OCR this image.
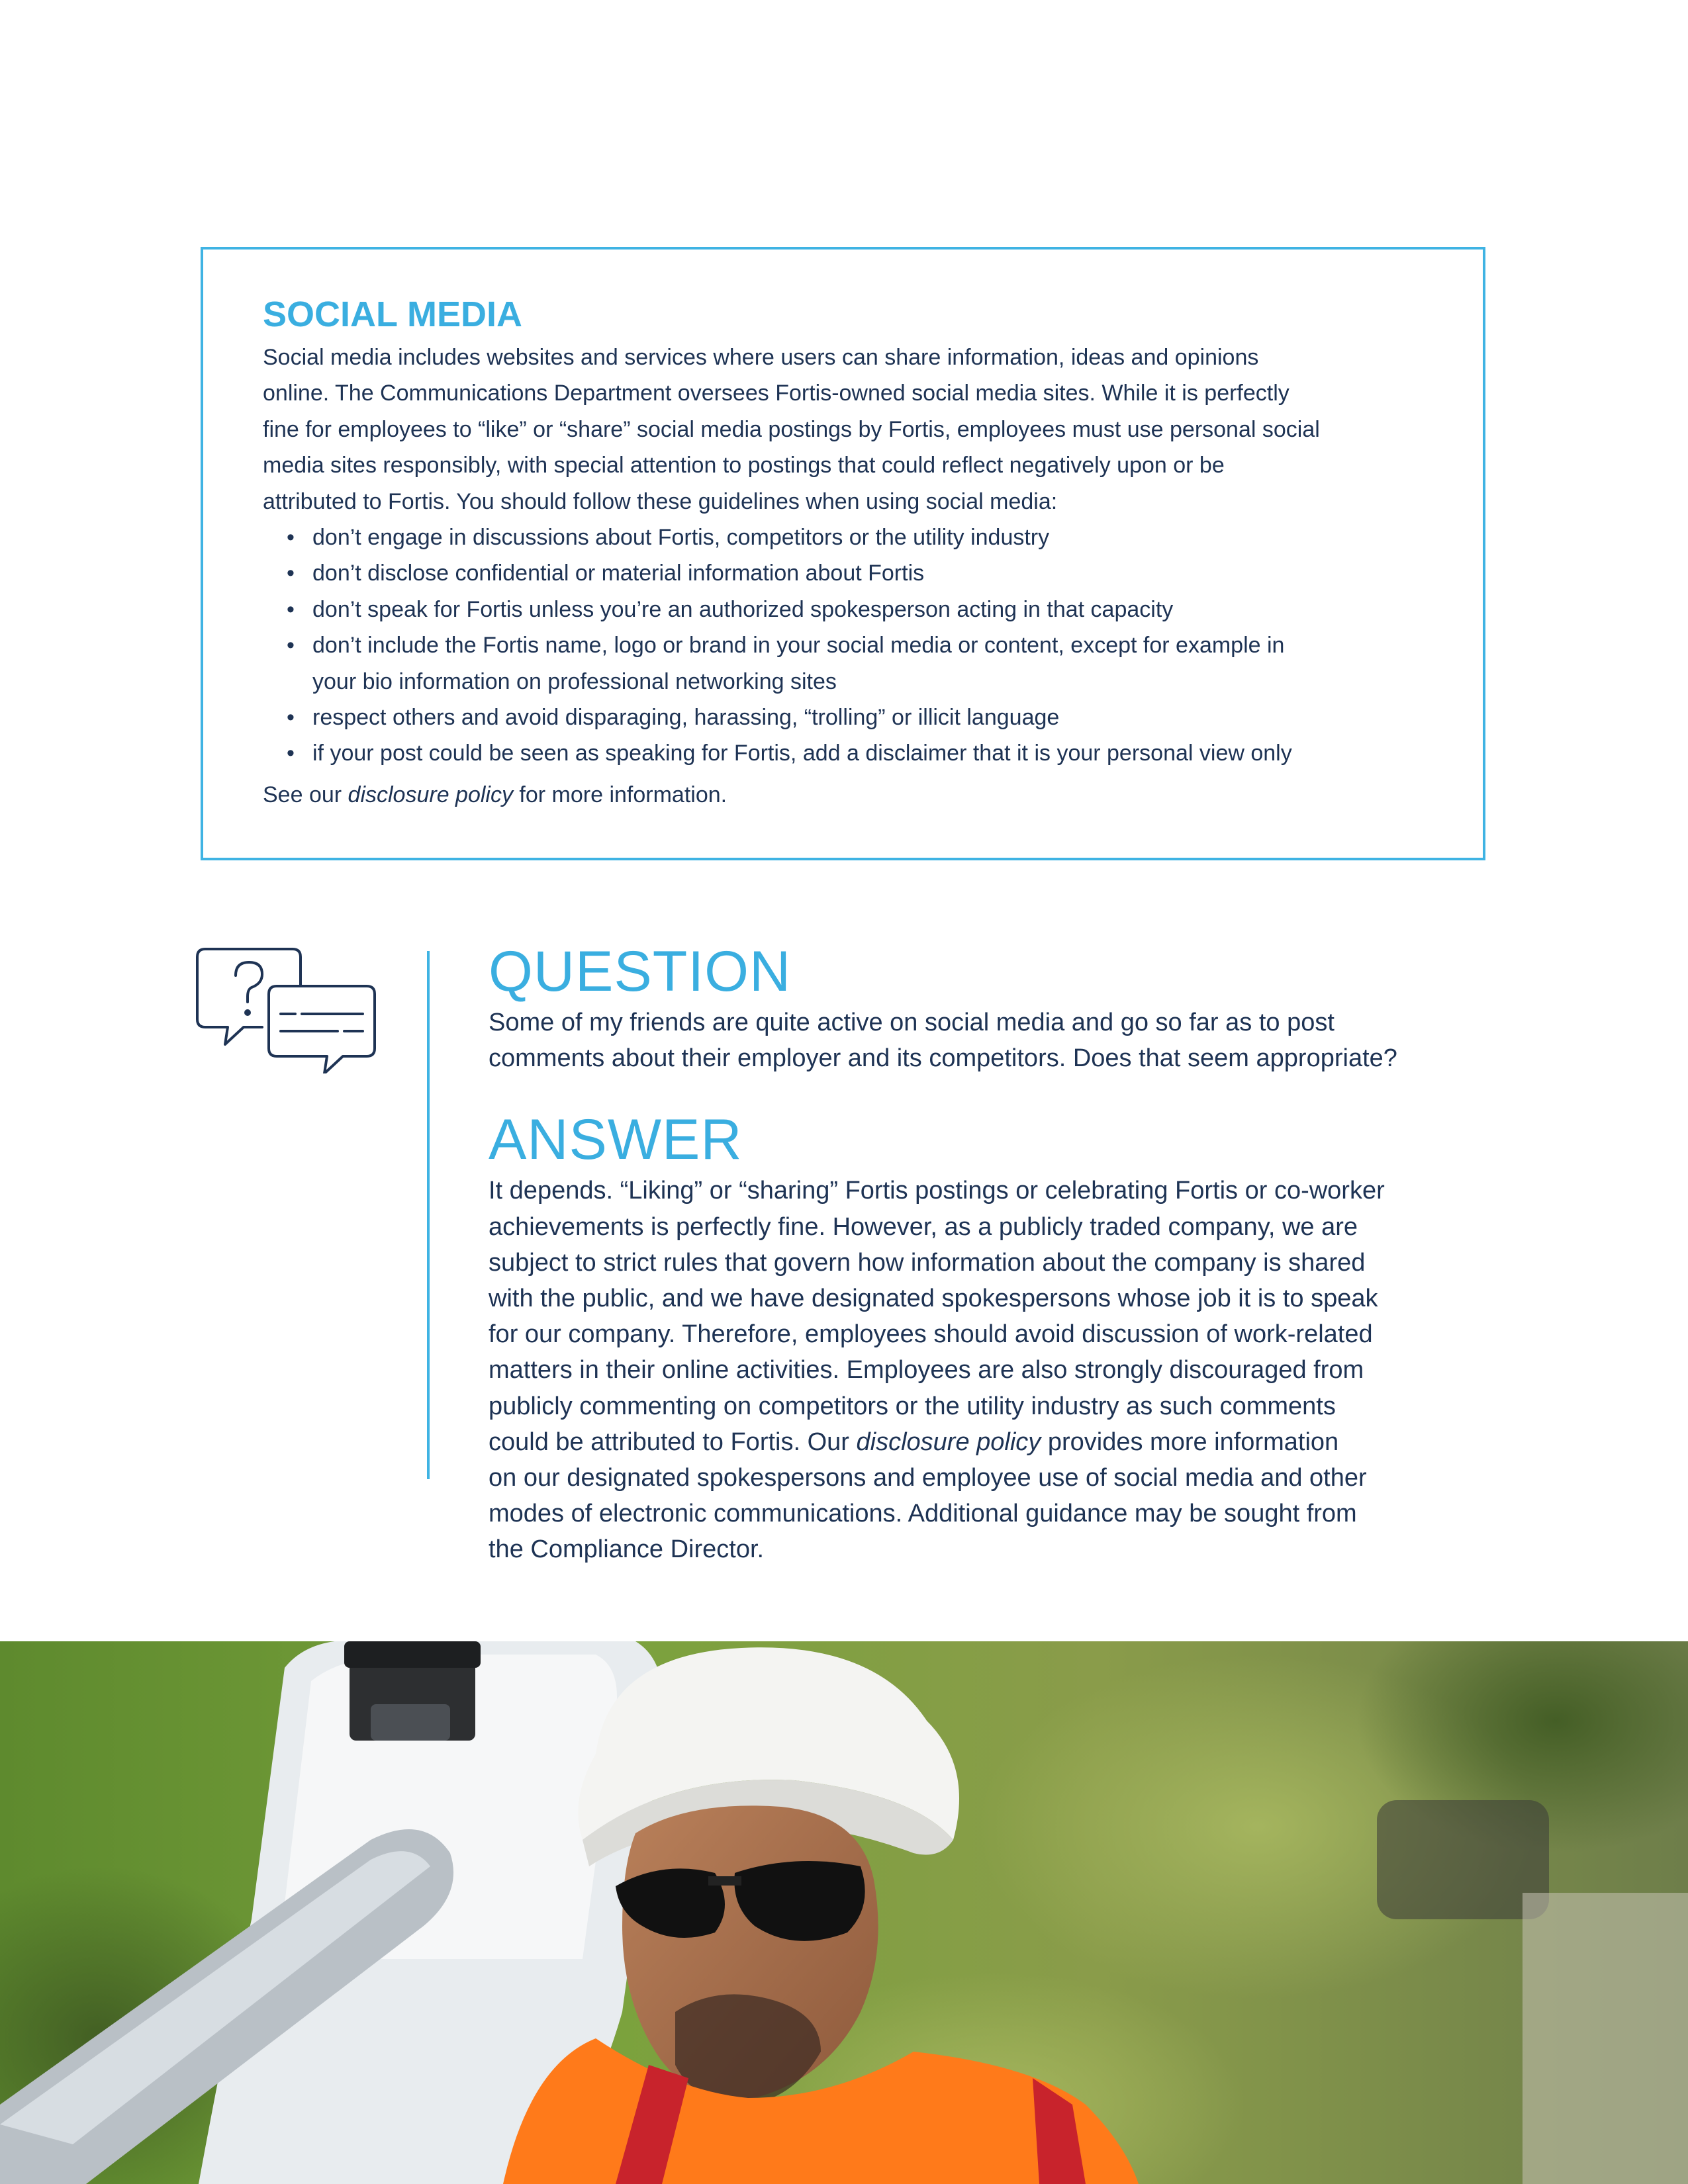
SOCIAL MEDIA

Social media includes websites and services where users can share information, ideas and opinions

online. The Communications Department oversees Fortis-owned social media sites. While it is perfectly

fine for employees to “like” or “share” social media postings by Fortis, employees must use personal social

media sites responsibly, with special attention to postings that could reflect negatively upon or be

attributed to Fortis. You should follow these guidelines when using social media:

• don’t engage in discussions about Fortis, competitors or the utility industry
• don’t disclose confidential or material information about Fortis
• don’t speak for Fortis unless you’re an authorized spokesperson acting in that capacity
• don’t include the Fortis name, logo or brand in your social media or content, except for example in
your bio information on professional networking sites
• respect others and avoid disparaging, harassing, “trolling” or illicit language
• if your post could be seen as speaking for Fortis, add a disclaimer that it is your personal view only

See our disclosure policy for more information.

QUESTION

Some of my friends are quite active on social media and go so far as to post

comments about their employer and its competitors. Does that seem appropriate?

ANSWER

It depends. “Liking” or “sharing” Fortis postings or celebrating Fortis or co-worker

achievements is perfectly fine. However, as a publicly traded company, we are

subject to strict rules that govern how information about the company is shared

with the public, and we have designated spokespersons whose job it is to speak

for our company. Therefore, employees should avoid discussion of work-related

matters in their online activities. Employees are also strongly discouraged from

publicly commenting on competitors or the utility industry as such comments

could be attributed to Fortis. Our disclosure policy provides more information

on our designated spokespersons and employee use of social media and other

modes of electronic communications. Additional guidance may be sought from

the Compliance Director.
